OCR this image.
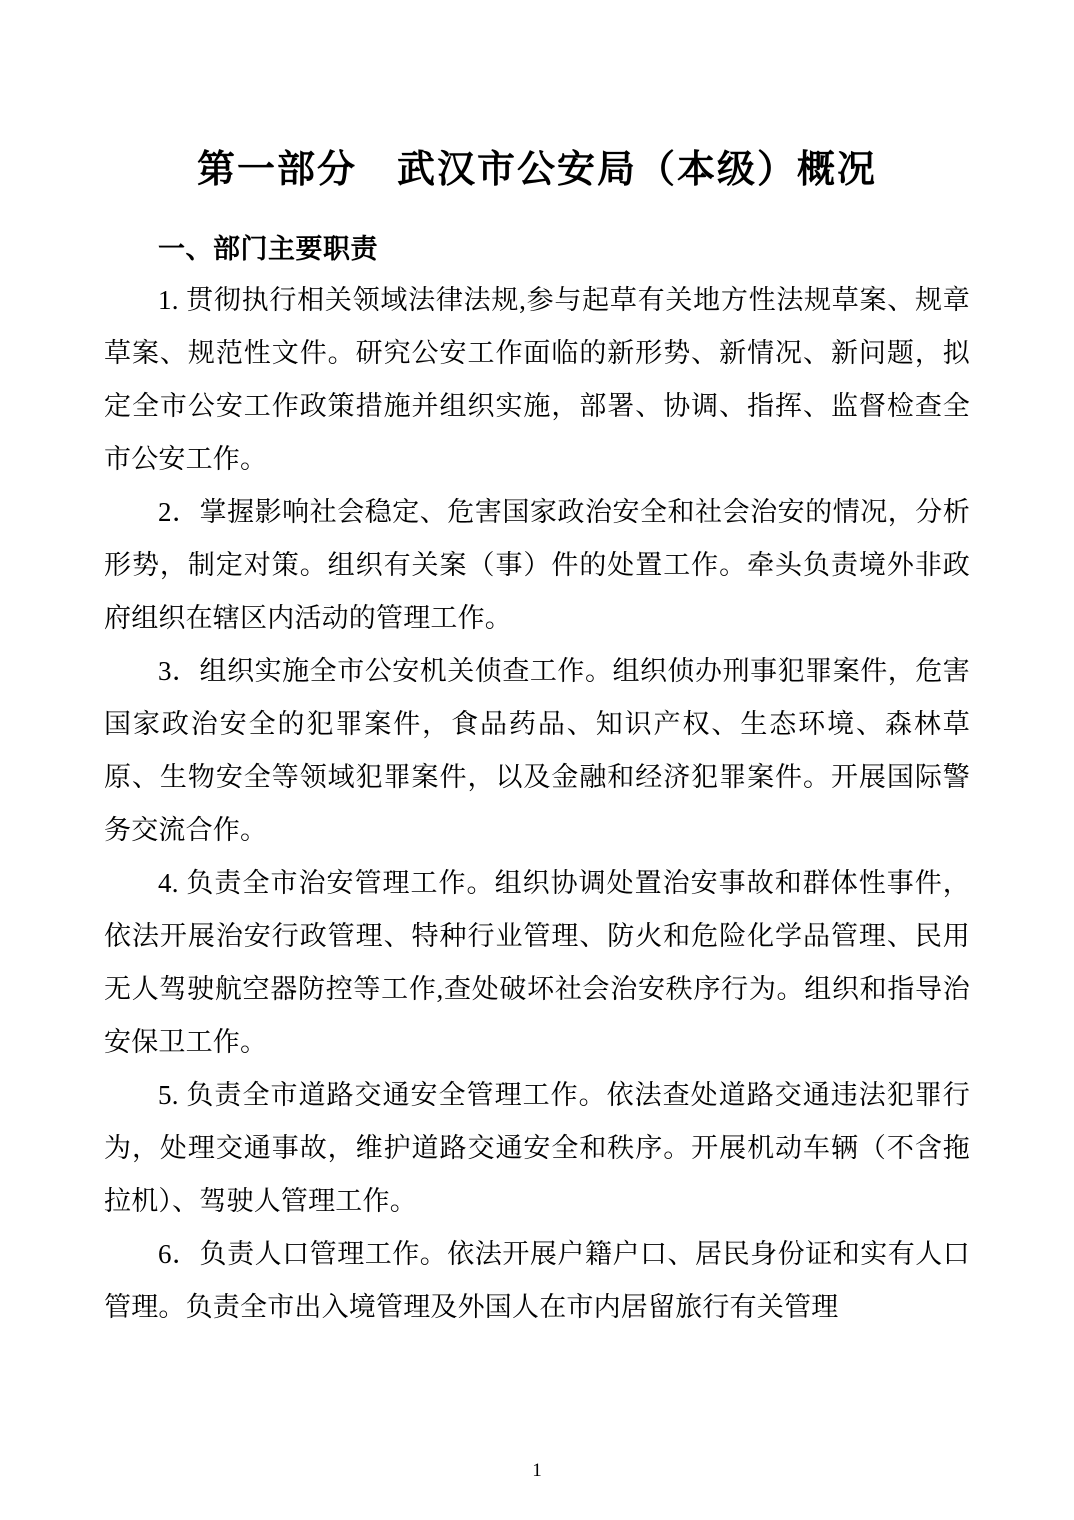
第一部分　武汉市公安局（本级）概况
一、部门主要职责

1. 贯彻执行相关领域法律法规,参与起草有关地方性法规草案、规章草案、规范性文件。研究公安工作面临的新形势、新情况、新问题，拟定全市公安工作政策措施并组织实施，部署、协调、指挥、监督检查全市公安工作。

2．掌握影响社会稳定、危害国家政治安全和社会治安的情况，分析形势，制定对策。组织有关案（事）件的处置工作。牵头负责境外非政府组织在辖区内活动的管理工作。

3．组织实施全市公安机关侦查工作。组织侦办刑事犯罪案件，危害国家政治安全的犯罪案件，食品药品、知识产权、生态环境、森林草原、生物安全等领域犯罪案件，以及金融和经济犯罪案件。开展国际警务交流合作。

4. 负责全市治安管理工作。组织协调处置治安事故和群体性事件，依法开展治安行政管理、特种行业管理、防火和危险化学品管理、民用无人驾驶航空器防控等工作,查处破坏社会治安秩序行为。组织和指导治安保卫工作。

5. 负责全市道路交通安全管理工作。依法查处道路交通违法犯罪行为，处理交通事故，维护道路交通安全和秩序。开展机动车辆（不含拖拉机）、驾驶人管理工作。

6．负责人口管理工作。依法开展户籍户口、居民身份证和实有人口管理。负责全市出入境管理及外国人在市内居留旅行有关管理

1
